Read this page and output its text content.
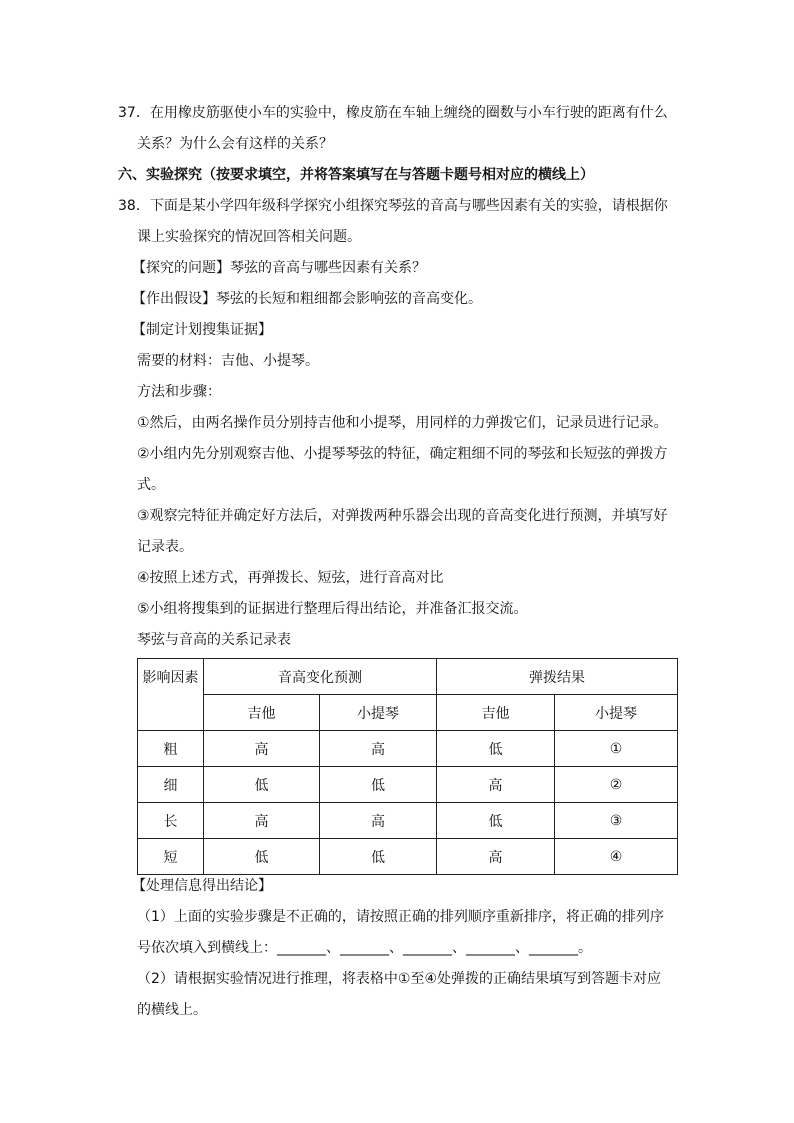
37．在用橡皮筋驱使小车的实验中，橡皮筋在车轴上缠绕的圈数与小车行驶的距离有什么
关系？为什么会有这样的关系？
六、实验探究（按要求填空，并将答案填写在与答题卡题号相对应的横线上）
38．下面是某小学四年级科学探究小组探究琴弦的音高与哪些因素有关的实验，请根据你
课上实验探究的情况回答相关问题。
【探究的问题】琴弦的音高与哪些因素有关系？
【作出假设】琴弦的长短和粗细都会影响弦的音高变化。
【制定计划搜集证据】
需要的材料：吉他、小提琴。
方法和步骤：
①然后，由两名操作员分别持吉他和小提琴，用同样的力弹拨它们，记录员进行记录。
②小组内先分别观察吉他、小提琴琴弦的特征，确定粗细不同的琴弦和长短弦的弹拨方
式。
③观察完特征并确定好方法后，对弹拨两种乐器会出现的音高变化进行预测，并填写好
记录表。
④按照上述方式，再弹拨长、短弦，进行音高对比
⑤小组将搜集到的证据进行整理后得出结论，并准备汇报交流。
琴弦与音高的关系记录表
影响因素	音高变化预测		弹拨结果	
	吉他	小提琴	吉他	小提琴
粗	高	高	低	①
细	低	低	高	②
长	高	高	低	③
短	低	低	高	④
【处理信息得出结论】
（1）上面的实验步骤是不正确的，请按照正确的排列顺序重新排序，将正确的排列序
号依次填入到横线上：_______、_______、_______、_______、_______。
（2）请根据实验情况进行推理，将表格中①至④处弹拨的正确结果填写到答题卡对应
的横线上。
